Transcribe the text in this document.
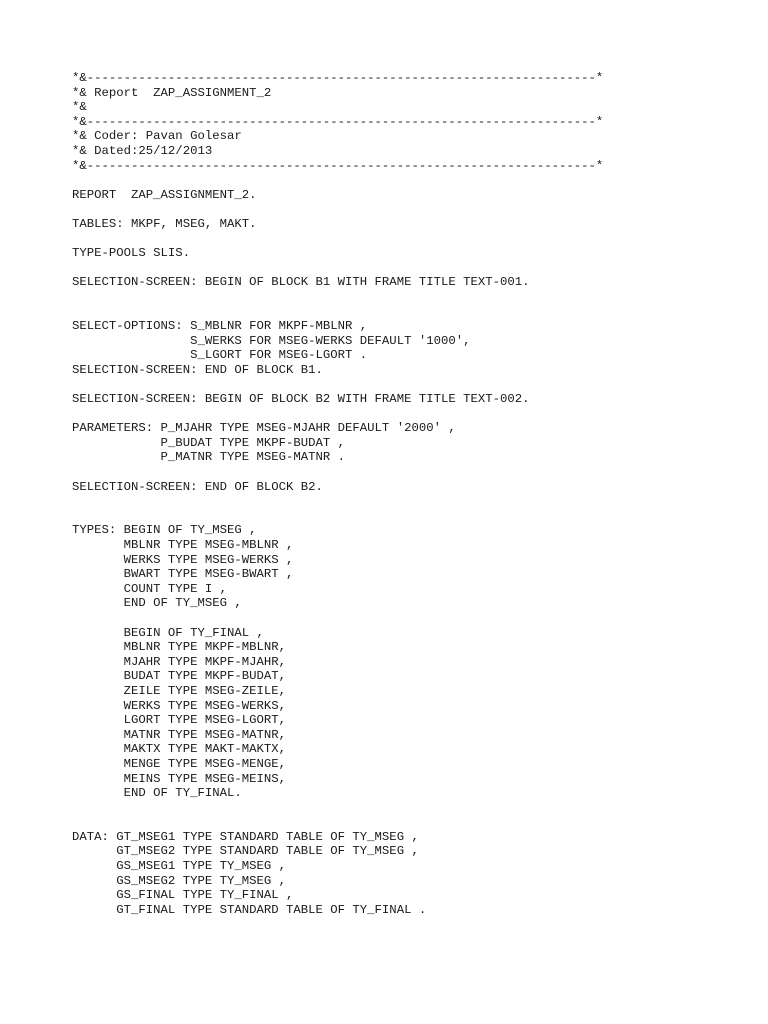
*&---------------------------------------------------------------------*
*& Report  ZAP_ASSIGNMENT_2
*&
*&---------------------------------------------------------------------*
*& Coder: Pavan Golesar
*& Dated:25/12/2013
*&---------------------------------------------------------------------*
REPORT  ZAP_ASSIGNMENT_2.
TABLES: MKPF, MSEG, MAKT.
TYPE-POOLS SLIS.
SELECTION-SCREEN: BEGIN OF BLOCK B1 WITH FRAME TITLE TEXT-001.
SELECT-OPTIONS: S_MBLNR FOR MKPF-MBLNR ,
S_WERKS FOR MSEG-WERKS DEFAULT '1000',
S_LGORT FOR MSEG-LGORT .
SELECTION-SCREEN: END OF BLOCK B1.
SELECTION-SCREEN: BEGIN OF BLOCK B2 WITH FRAME TITLE TEXT-002.
PARAMETERS: P_MJAHR TYPE MSEG-MJAHR DEFAULT '2000' ,
P_BUDAT TYPE MKPF-BUDAT ,
P_MATNR TYPE MSEG-MATNR .
SELECTION-SCREEN: END OF BLOCK B2.
TYPES: BEGIN OF TY_MSEG ,
MBLNR TYPE MSEG-MBLNR ,
WERKS TYPE MSEG-WERKS ,
BWART TYPE MSEG-BWART ,
COUNT TYPE I ,
END OF TY_MSEG ,
BEGIN OF TY_FINAL ,
MBLNR TYPE MKPF-MBLNR,
MJAHR TYPE MKPF-MJAHR,
BUDAT TYPE MKPF-BUDAT,
ZEILE TYPE MSEG-ZEILE,
WERKS TYPE MSEG-WERKS,
LGORT TYPE MSEG-LGORT,
MATNR TYPE MSEG-MATNR,
MAKTX TYPE MAKT-MAKTX,
MENGE TYPE MSEG-MENGE,
MEINS TYPE MSEG-MEINS,
END OF TY_FINAL.
DATA: GT_MSEG1 TYPE STANDARD TABLE OF TY_MSEG ,
GT_MSEG2 TYPE STANDARD TABLE OF TY_MSEG ,
GS_MSEG1 TYPE TY_MSEG ,
GS_MSEG2 TYPE TY_MSEG ,
GS_FINAL TYPE TY_FINAL ,
GT_FINAL TYPE STANDARD TABLE OF TY_FINAL .
